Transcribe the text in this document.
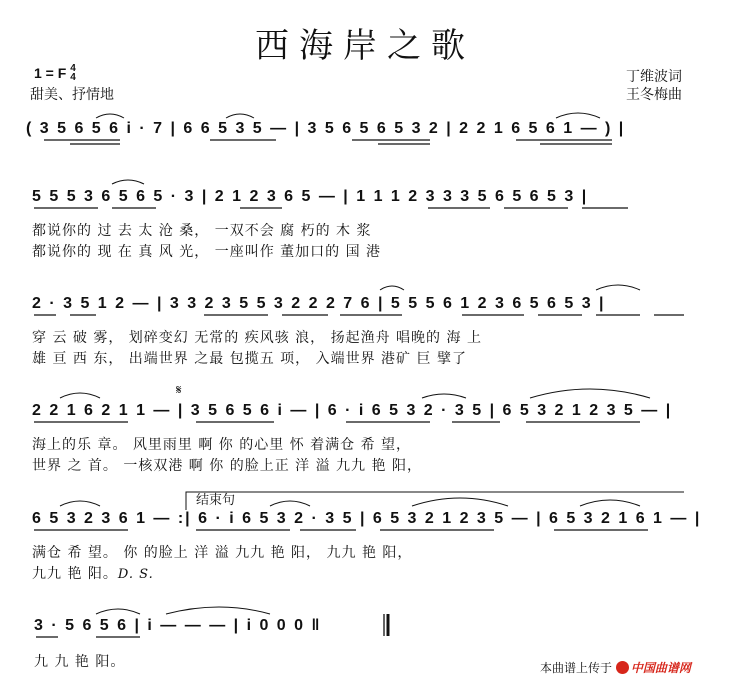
西海岸之歌
1 = F 4
4
甜美、抒情地
丁维波词
王冬梅曲
( 3 5 6 5 6 i · 7 | 6 6 5 3 5 — | 3 5 6 5 6 5 3 2 | 2 2 1 6 5 6 1 — ) |
5 5 5 3 6 5 6 5 · 3 | 2 1 2 3 6 5 — | 1 1 1 2 3 3 3 5 6 5 6 5 3 |
都说你的 过 去 太 沧 桑， 一双不会 腐 朽的 木 浆
都说你的 现 在 真 风 光， 一座叫作 董加口的 国 港
2 · 3 5 1 2 — | 3 3 2 3 5 5 3 2 2 2 7 6 | 5 5 5 6 1 2 3 6 5 6 5 3 |
穿 云 破 雾， 划碎变幻 无常的 疾风骇 浪， 扬起渔舟 唱晚的 海 上
雄 亘 西 东， 出端世界 之最 包揽五 项， 入端世界 港矿 巨 擘了
𝄋
2 2 1 6 2 1 1 — | 3 5 6 5 6 i — | 6 · i 6 5 3 2 · 3 5 | 6 5 3 2 1 2 3 5 — |
海上的乐 章。 风里雨里 啊 你 的心里 怀 着满仓 希 望，
世界 之 首。 一核双港 啊 你 的脸上正 洋 溢 九九 艳 阳，
结束句
6 5 3 2 3 6 1 — :| 6 · i 6 5 3 2 · 3 5 | 6 5 3 2 1 2 3 5 — | 6 5 3 2 1 6 1 — |
满仓 希 望。 你 的脸上 洋 溢 九九 艳 阳， 九九 艳 阳，
九九 艳 阳。D. S.
3 · 5 6 5 6 | i — — — | i 0 0 0 ‖
九 九 艳 阳。	本曲谱上传于 中国曲谱网
